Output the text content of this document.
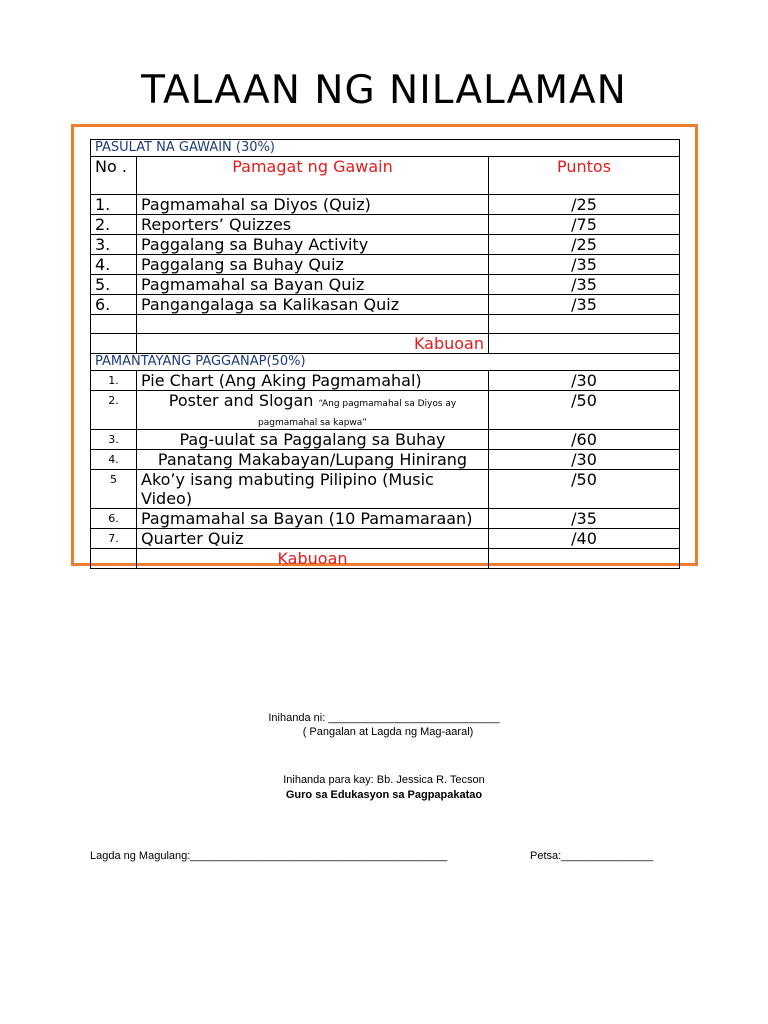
TALAAN NG NILALAMAN
PASULAT NA GAWAIN (30%)		
No .	Pamagat ng Gawain	Puntos
1.	Pagmamahal sa Diyos (Quiz)	/25
2.	Reporters’ Quizzes	/75
3.	Paggalang sa Buhay Activity	/25
4.	Paggalang sa Buhay Quiz	/35
5.	Pagmamahal sa Bayan Quiz	/35
6.	Pangangalaga sa Kalikasan Quiz	/35

	Kabuoan	
PAMANTAYANG PAGGANAP(50%)		
1.	Pie Chart (Ang Aking Pagmamahal)	/30
2.	Poster and Slogan “Ang pagmamahal sa Diyos ay pagmamahal sa kapwa”	/50
3.	Pag-uulat sa Paggalang sa Buhay	/60
4.	Panatang Makabayan/Lupang Hinirang	/30
5	Ako’y isang mabuting Pilipino (Music Video)	/50
6.	Pagmamahal sa Bayan (10 Pamamaraan)	/35
7.	Quarter Quiz	/40
	Kabuoan	
Inihanda ni: ____________________________
( Pangalan at Lagda ng Mag-aaral)
Inihanda para kay: Bb. Jessica R. Tecson
Guro sa Edukasyon sa Pagpapakatao
Lagda ng Magulang:__________________________________________	Petsa:_______________
